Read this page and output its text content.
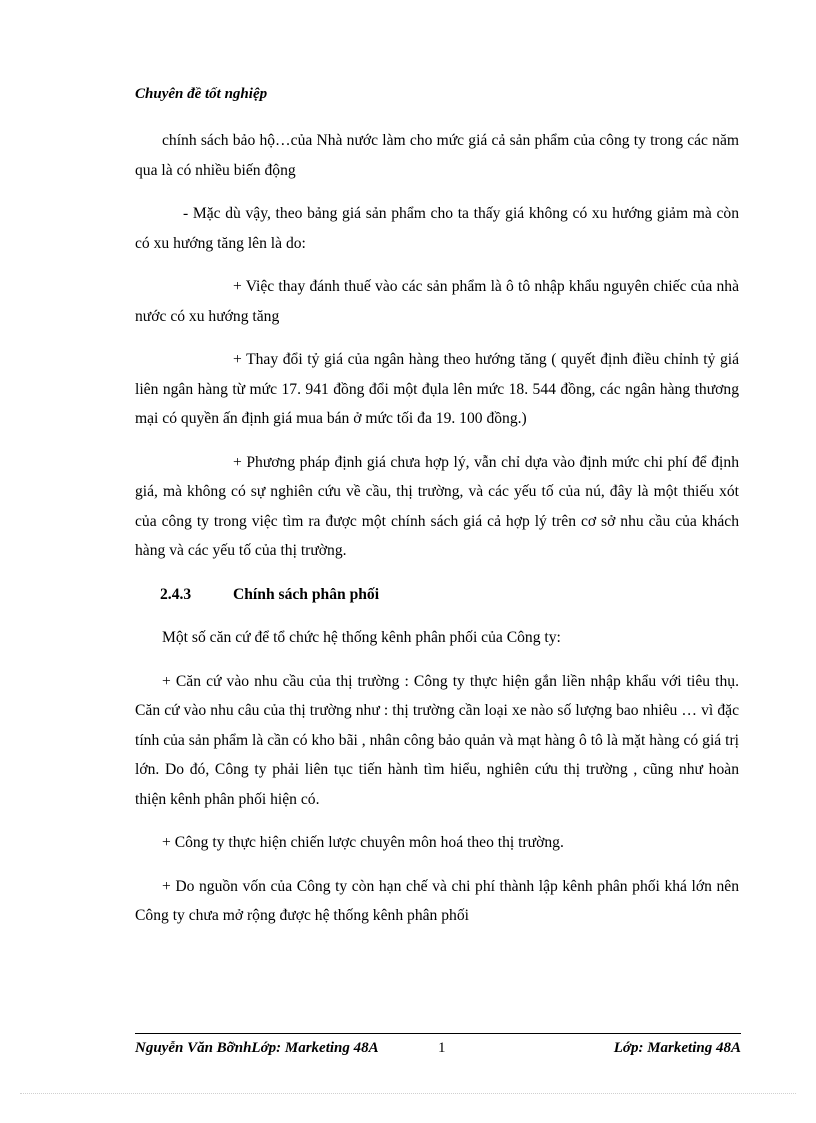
Chuyên đề tốt nghiệp

chính sách bảo hộ…của Nhà nước làm cho mức giá cả sản phẩm của công ty trong các năm qua là có nhiều biến động

- Mặc dù vậy, theo bảng giá sản phẩm cho ta thấy giá không có xu hướng giảm mà còn có xu hướng tăng lên là do:

+ Việc thay đánh thuế vào các sản phẩm là ô tô nhập khẩu nguyên chiếc của nhà nước có xu hướng tăng

+ Thay đổi tỷ giá của ngân hàng theo hướng tăng ( quyết định điều chỉnh tỷ giá liên ngân hàng từ mức 17. 941 đồng đổi một đụla lên mức 18. 544 đồng, các ngân hàng thương mại có quyền ấn định giá mua bán ở mức tối đa 19. 100 đồng.)

+ Phương pháp định giá chưa hợp lý, vẫn chỉ dựa vào định mức chi phí để định giá, mà không có sự nghiên cứu về cầu, thị trường, và các yếu tố của nú, đây là một thiếu xót của công ty trong việc tìm ra được một chính sách giá cả hợp lý trên cơ sở nhu cầu của khách hàng và các yếu tố của thị trường.

2.4.3	Chính sách phân phối

Một số căn cứ để tổ chức hệ thống kênh phân phối của Công ty:

+ Căn cứ vào nhu cầu của thị trường : Công ty thực hiện gắn liền nhập khẩu với tiêu thụ. Căn cứ vào nhu câu của thị trường như : thị trường cần loại xe nào số lượng bao nhiêu … vì đặc tính của sản phẩm là cần có kho bãi , nhân công bảo quản và mạt hàng ô tô là mặt hàng có giá trị lớn. Do đó, Công ty phải liên tục tiến hành tìm hiểu, nghiên cứu thị trường , cũng như hoàn thiện kênh phân phối hiện có.

+ Công ty thực hiện chiến lược chuyên môn hoá theo thị trường.

+ Do nguồn vốn của Công ty còn hạn chế và chi phí thành lập kênh phân phối khá lớn nên Công ty chưa mở rộng được hệ thống kênh phân phối

Nguyễn Văn BỡnhLớp: Marketing 48A	1	Lớp: Marketing 48A
